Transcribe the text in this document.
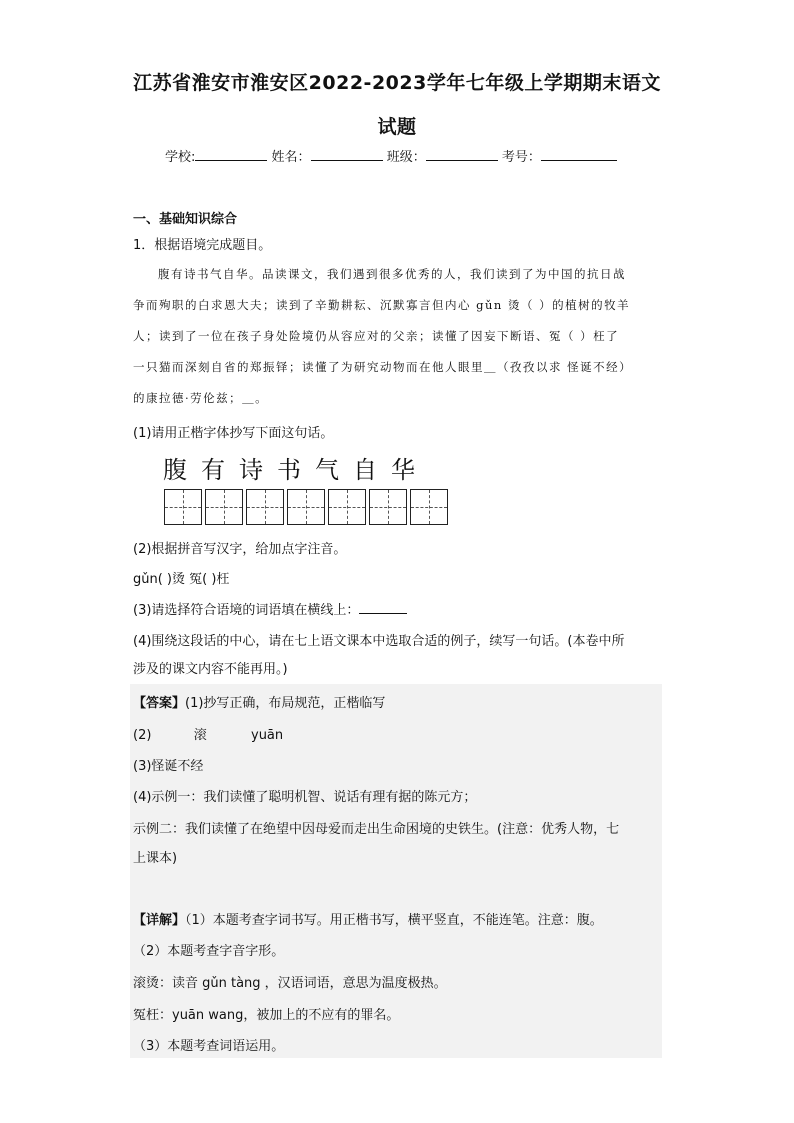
江苏省淮安市淮安区2022-2023学年七年级上学期期末语文
试题
学校:	姓名：	班级：	考号：
一、基础知识综合
1．根据语境完成题目。
腹有诗书气自华。品读课文，我们遇到很多优秀的人，我们读到了为中国的抗日战
争而殉职的白求恩大夫；读到了辛勤耕耘、沉默寡言但内心 gǔn 烫（ ）的植树的牧羊
人；读到了一位在孩子身处险境仍从容应对的父亲；读懂了因妄下断语、冤（ ）枉了
一只猫而深刻自省的郑振铎；读懂了为研究动物而在他人眼里＿（孜孜以求 怪诞不经）
的康拉德·劳伦兹；＿。
(1)请用正楷字体抄写下面这句话。
腹有诗书气自华
(2)根据拼音写汉字，给加点字注音。
gǔn( )烫 冤( )枉
(3)请选择符合语境的词语填在横线上：
(4)围绕这段话的中心，请在七上语文课本中选取合适的例子，续写一句话。(本卷中所
涉及的课文内容不能再用。)
【答案】(1)抄写正确，布局规范，正楷临写
(2)	滚	yuān
(3)怪诞不经
(4)示例一：我们读懂了聪明机智、说话有理有据的陈元方；
示例二：我们读懂了在绝望中因母爱而走出生命困境的史铁生。(注意：优秀人物，七
上课本)
【详解】（1）本题考查字词书写。用正楷书写，横平竖直，不能连笔。注意：腹。
（2）本题考查字音字形。
滚烫：读音 gǔn tàng ，汉语词语，意思为温度极热。
冤枉：yuān wang，被加上的不应有的罪名。
（3）本题考查词语运用。
